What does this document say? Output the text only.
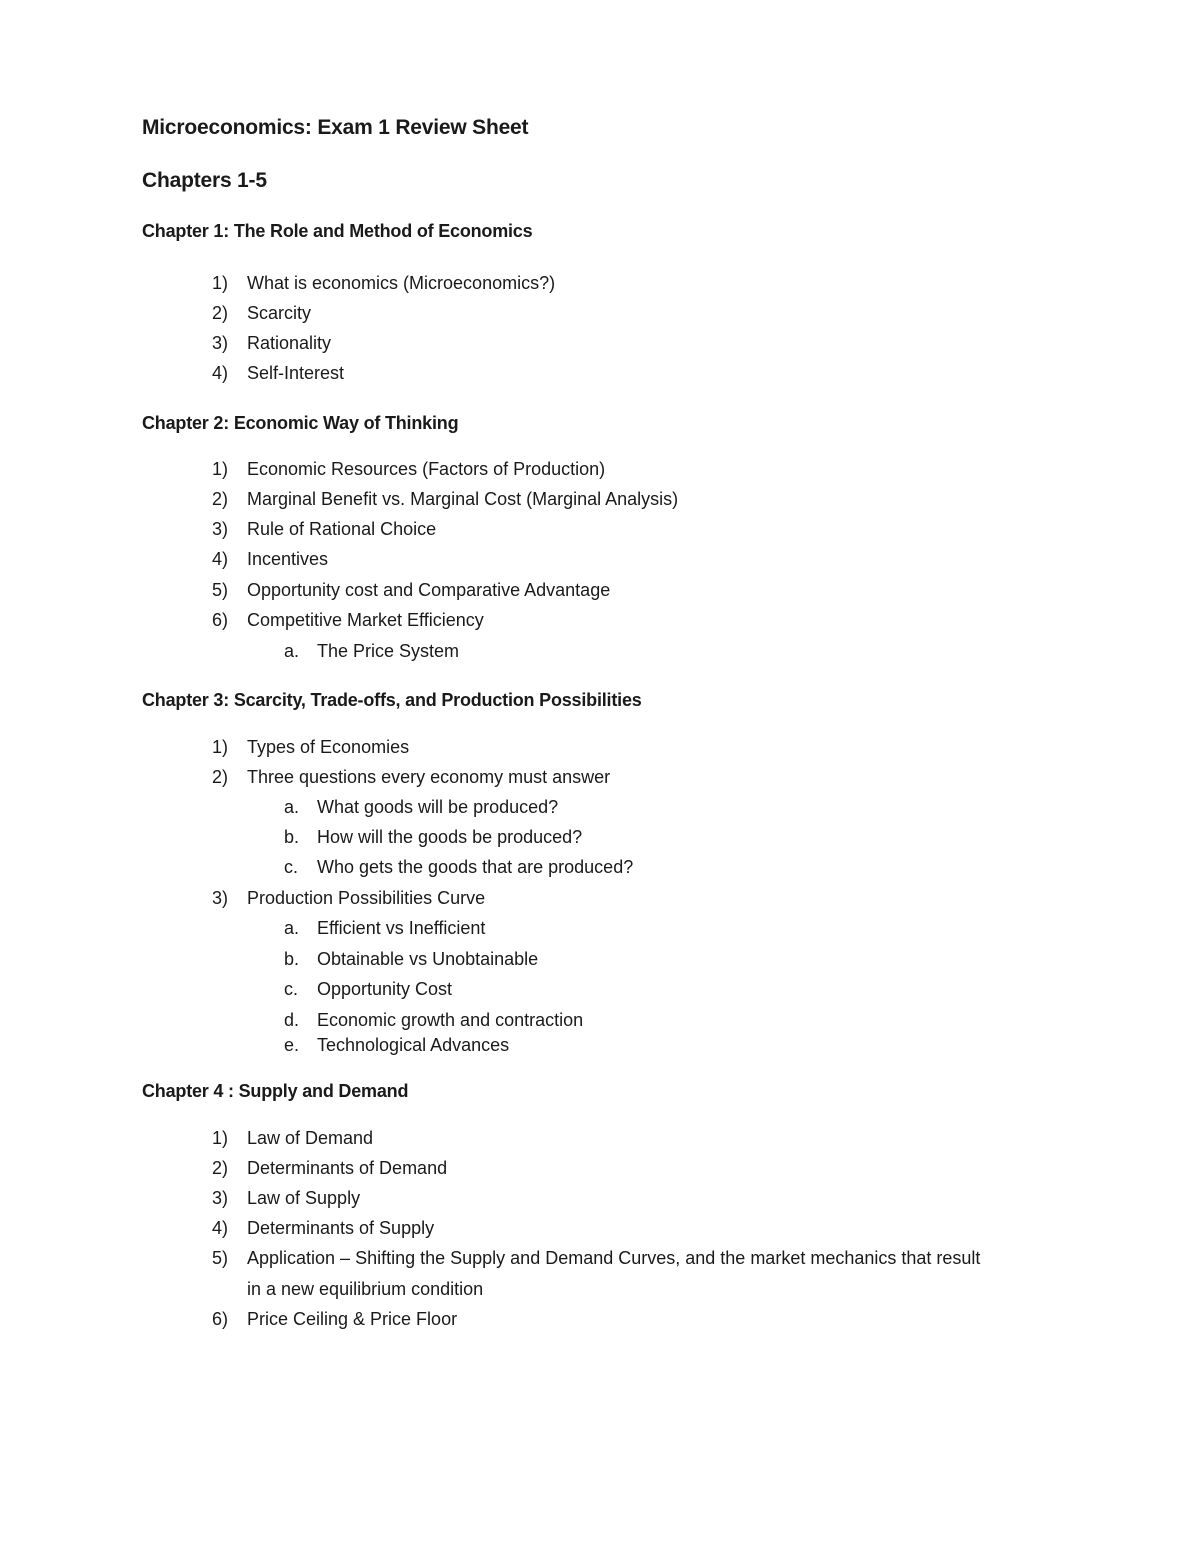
Microeconomics: Exam 1 Review Sheet
Chapters 1-5
Chapter 1: The Role and Method of Economics
1) What is economics (Microeconomics?)
2) Scarcity
3) Rationality
4) Self-Interest
Chapter 2: Economic Way of Thinking
1) Economic Resources (Factors of Production)
2) Marginal Benefit vs. Marginal Cost (Marginal Analysis)
3) Rule of Rational Choice
4) Incentives
5) Opportunity cost and Comparative Advantage
6) Competitive Market Efficiency
a. The Price System
Chapter 3: Scarcity, Trade-offs, and Production Possibilities
1) Types of Economies
2) Three questions every economy must answer
a. What goods will be produced?
b. How will the goods be produced?
c. Who gets the goods that are produced?
3) Production Possibilities Curve
a. Efficient vs Inefficient
b. Obtainable vs Unobtainable
c. Opportunity Cost
d. Economic growth and contraction
e. Technological Advances
Chapter 4 : Supply and Demand
1) Law of Demand
2) Determinants of Demand
3) Law of Supply
4) Determinants of Supply
5) Application – Shifting the Supply and Demand Curves, and the market mechanics that result
in a new equilibrium condition
6) Price Ceiling & Price Floor
